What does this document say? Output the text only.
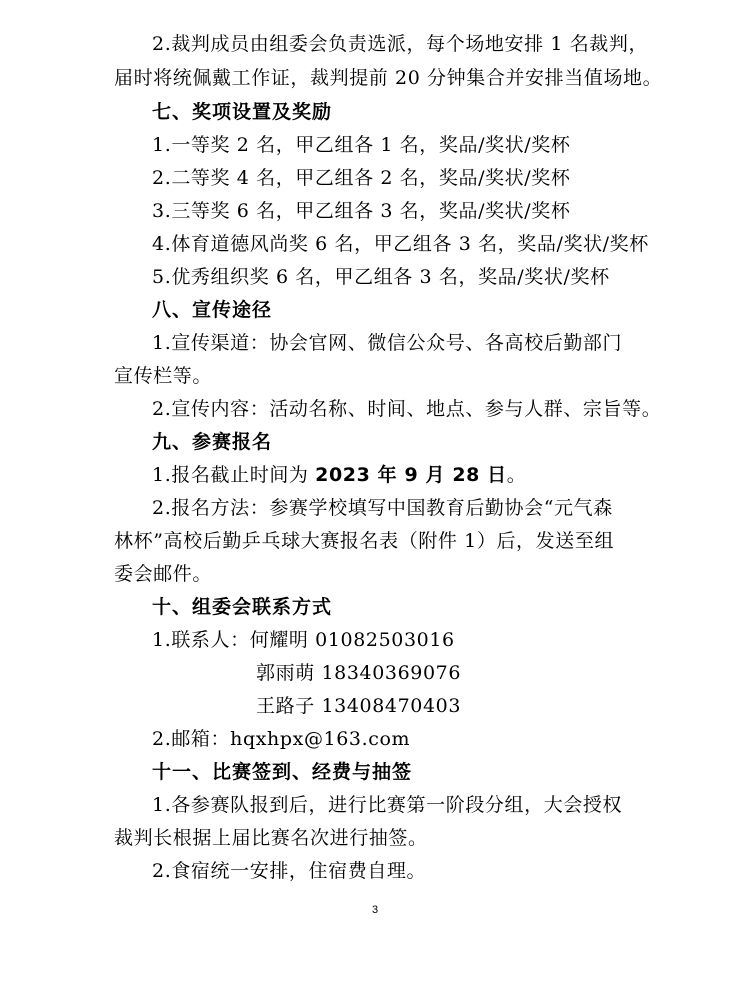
2.裁判成员由组委会负责选派，每个场地安排 1 名裁判，
届时将统佩戴工作证，裁判提前 20 分钟集合并安排当值场地。
七、奖项设置及奖励
1.一等奖 2 名，甲乙组各 1 名，奖品/奖状/奖杯
2.二等奖 4 名，甲乙组各 2 名，奖品/奖状/奖杯
3.三等奖 6 名，甲乙组各 3 名，奖品/奖状/奖杯
4.体育道德风尚奖 6 名，甲乙组各 3 名，奖品/奖状/奖杯
5.优秀组织奖 6 名，甲乙组各 3 名，奖品/奖状/奖杯
八、宣传途径
1.宣传渠道：协会官网、微信公众号、各高校后勤部门
宣传栏等。
2.宣传内容：活动名称、时间、地点、参与人群、宗旨等。
九、参赛报名
1.报名截止时间为 2023 年 9 月 28 日。
2.报名方法：参赛学校填写中国教育后勤协会“元气森
林杯”高校后勤乒乓球大赛报名表（附件 1）后，发送至组
委会邮件。
十、组委会联系方式
1.联系人：何耀明 01082503016
郭雨萌 18340369076
王路子 13408470403
2.邮箱：hqxhpx@163.com
十一、比赛签到、经费与抽签
1.各参赛队报到后，进行比赛第一阶段分组，大会授权
裁判长根据上届比赛名次进行抽签。
2.食宿统一安排，住宿费自理。
3
